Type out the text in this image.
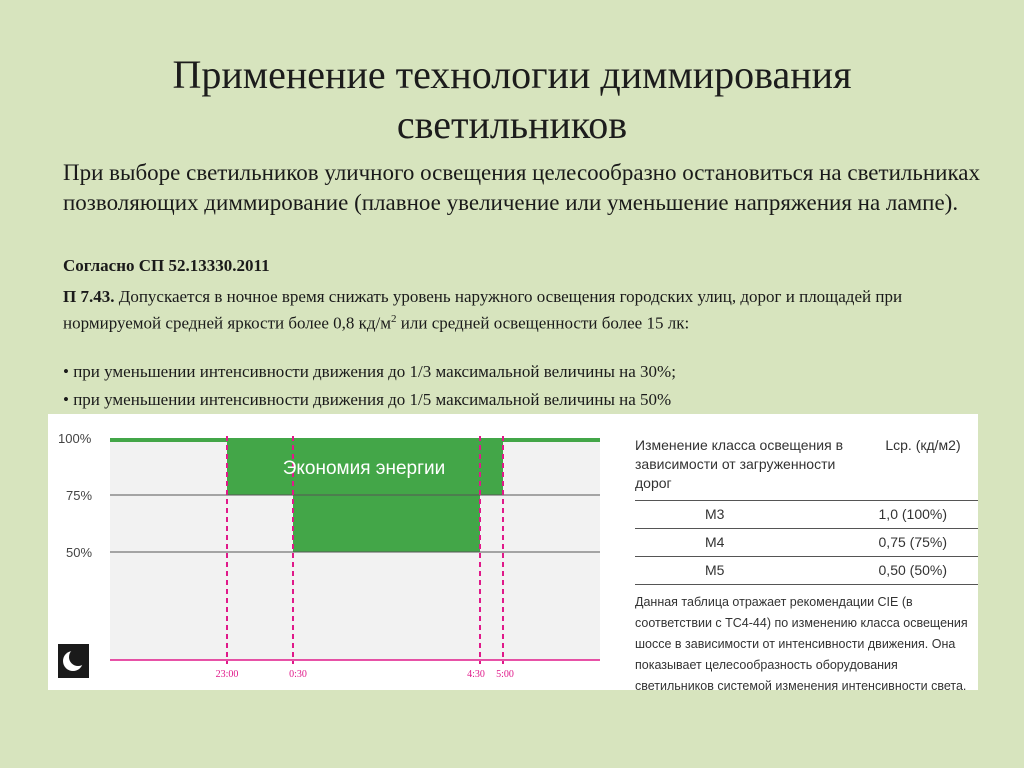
Применение технологии диммирования светильников
При выборе светильников уличного освещения целесообразно остановиться на светильниках позволяющих диммирование (плавное увеличение или уменьшение напряжения на лампе).
Согласно СП 52.13330.2011
П 7.43. Допускается в ночное время снижать уровень наружного освещения городских улиц, дорог и площадей при нормируемой средней яркости более 0,8 $кд/м^2$ или средней освещенности более 15 лк:
• при уменьшении интенсивности движения до 1/3 максимальной величины на 30%;
• при уменьшении интенсивности движения до 1/5 максимальной величины на 50%
100%
75%
50%
Экономия энергии
23:00	0:30	4:30 5:00
Изменение класса освещения в зависимости от загруженности дорог
Lср. (кд/м2)
M3	1,0 (100%)
M4	0,75 (75%)
M5	0,50 (50%)
Данная таблица отражает рекомендации CIE (в соответствии с TC4-44) по изменению класса освещения шоссе в зависимости от интенсивности движения. Она показывает целесообразность оборудования светильников системой изменения интенсивности света.
